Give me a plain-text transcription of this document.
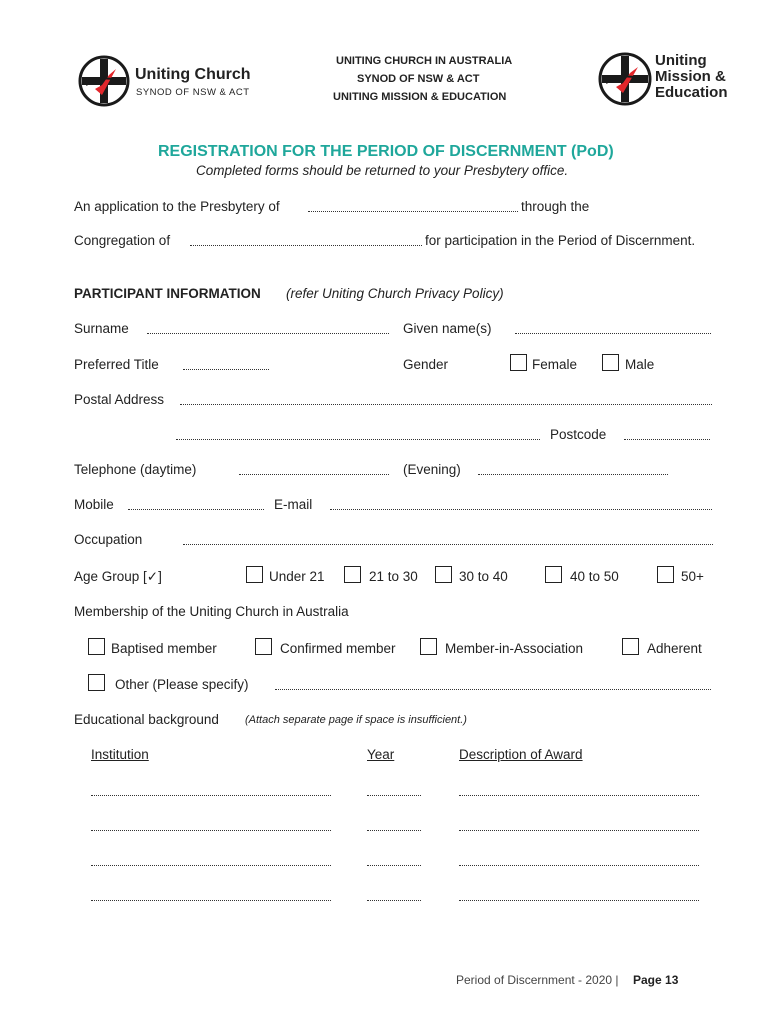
Uniting Church
SYNOD OF NSW & ACT
UNITING CHURCH IN AUSTRALIA
SYNOD OF NSW & ACT
UNITING MISSION & EDUCATION
Uniting
Mission &
Education
REGISTRATION FOR THE PERIOD OF DISCERNMENT (PoD)
Completed forms should be returned to your Presbytery office.
An application to the Presbytery of	through the
Congregation of	for participation in the Period of Discernment.
PARTICIPANT INFORMATION (refer Uniting Church Privacy Policy)
Surname	Given name(s)
Preferred Title	Gender	Female	Male
Postal Address
Postcode
Telephone (daytime)	(Evening)
Mobile	E-mail
Occupation
Age Group [✓]	Under 21	21 to 30	30 to 40	40 to 50	50+
Membership of the Uniting Church in Australia
Baptised member	Confirmed member	Member-in-Association	Adherent
Other (Please specify)
Educational background (Attach separate page if space is insufficient.)
Institution	Year	Description of Award
Period of Discernment - 2020 | Page 13
